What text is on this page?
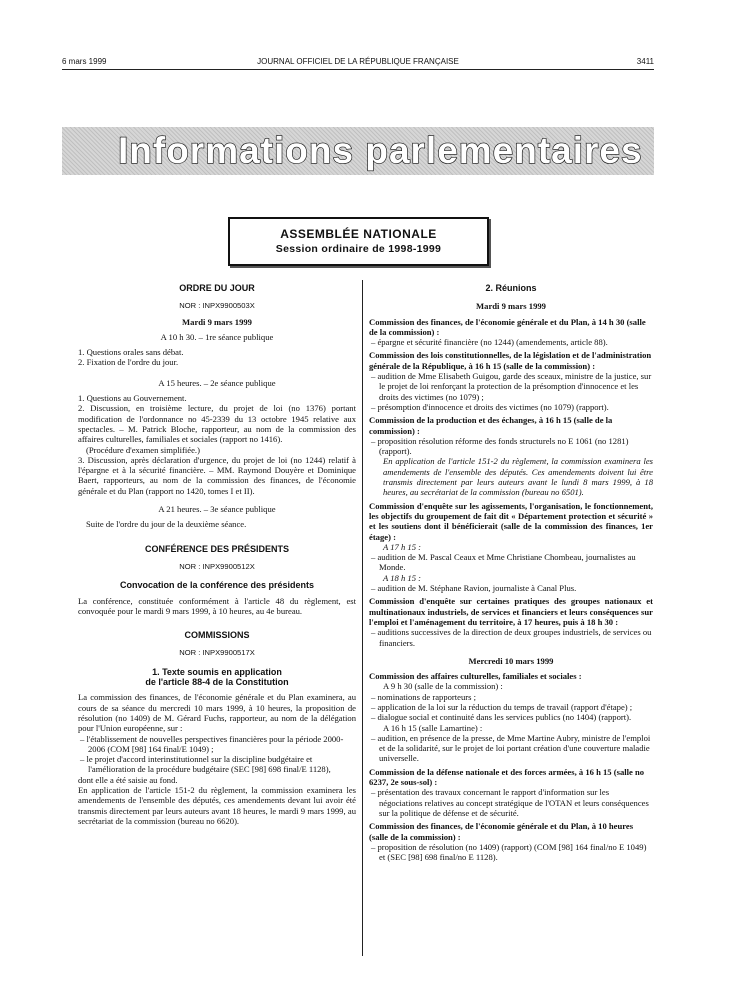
6 mars 1999	JOURNAL OFFICIEL DE LA RÉPUBLIQUE FRANÇAISE	3411
Informations parlementaires
ASSEMBLÉE NATIONALE
Session ordinaire de 1998-1999
ORDRE DU JOUR
NOR : INPX9900503X
Mardi 9 mars 1999
A 10 h 30. – 1re séance publique
1. Questions orales sans débat.
2. Fixation de l'ordre du jour.
A 15 heures. – 2e séance publique
1. Questions au Gouvernement.
2. Discussion, en troisième lecture, du projet de loi (no 1376) portant modification de l'ordonnance no 45-2339 du 13 octobre 1945 relative aux spectacles. – M. Patrick Bloche, rapporteur, au nom de la commission des affaires culturelles, familiales et sociales (rapport no 1416).
(Procédure d'examen simplifiée.)
3. Discussion, après déclaration d'urgence, du projet de loi (no 1244) relatif à l'épargne et à la sécurité financière. – MM. Raymond Douyère et Dominique Baert, rapporteurs, au nom de la commission des finances, de l'économie générale et du Plan (rapport no 1420, tomes I et II).
A 21 heures. – 3e séance publique
Suite de l'ordre du jour de la deuxième séance.
CONFÉRENCE DES PRÉSIDENTS
NOR : INPX9900512X
Convocation de la conférence des présidents
La conférence, constituée conformément à l'article 48 du règlement, est convoquée pour le mardi 9 mars 1999, à 10 heures, au 4e bureau.
COMMISSIONS
NOR : INPX9900517X
1. Texte soumis en application
de l'article 88-4 de la Constitution
La commission des finances, de l'économie générale et du Plan examinera, au cours de sa séance du mercredi 10 mars 1999, à 10 heures, la proposition de résolution (no 1409) de M. Gérard Fuchs, rapporteur, au nom de la délégation pour l'Union européenne, sur :
– l'établissement de nouvelles perspectives financières pour la période 2000-2006 (COM [98] 164 final/E 1049) ;
– le projet d'accord interinstitutionnel sur la discipline budgétaire et l'amélioration de la procédure budgétaire (SEC [98] 698 final/E 1128),
dont elle a été saisie au fond.
En application de l'article 151-2 du règlement, la commission examinera les amendements de l'ensemble des députés, ces amendements devant lui avoir été transmis directement par leurs auteurs avant 18 heures, le mardi 9 mars 1999, au secrétariat de la commission (bureau no 6620).
2. Réunions
Mardi 9 mars 1999
Commission des finances, de l'économie générale et du Plan, à 14 h 30 (salle de la commission) :
– épargne et sécurité financière (no 1244) (amendements, article 88).
Commission des lois constitutionnelles, de la législation et de l'administration générale de la République, à 16 h 15 (salle de la commission) :
– audition de Mme Elisabeth Guigou, garde des sceaux, ministre de la justice, sur le projet de loi renforçant la protection de la présomption d'innocence et les droits des victimes (no 1079) ;
– présomption d'innocence et droits des victimes (no 1079) (rapport).
Commission de la production et des échanges, à 16 h 15 (salle de la commission) :
– proposition résolution réforme des fonds structurels no E 1061 (no 1281) (rapport).
En application de l'article 151-2 du règlement, la commission examinera les amendements de l'ensemble des députés. Ces amendements doivent lui être transmis directement par leurs auteurs avant le lundi 8 mars 1999, à 18 heures, au secrétariat de la commission (bureau no 6501).
Commission d'enquête sur les agissements, l'organisation, le fonctionnement, les objectifs du groupement de fait dit « Département protection et sécurité » et les soutiens dont il bénéficierait (salle de la commission des finances, 1er étage) :
A 17 h 15 :
– audition de M. Pascal Ceaux et Mme Christiane Chombeau, journalistes au Monde.
A 18 h 15 :
– audition de M. Stéphane Ravion, journaliste à Canal Plus.
Commission d'enquête sur certaines pratiques des groupes nationaux et multinationaux industriels, de services et financiers et leurs conséquences sur l'emploi et l'aménagement du territoire, à 17 heures, puis à 18 h 30 :
– auditions successives de la direction de deux groupes industriels, de services ou financiers.
Mercredi 10 mars 1999
Commission des affaires culturelles, familiales et sociales :
A 9 h 30 (salle de la commission) :
– nominations de rapporteurs ;
– application de la loi sur la réduction du temps de travail (rapport d'étape) ;
– dialogue social et continuité dans les services publics (no 1404) (rapport).
A 16 h 15 (salle Lamartine) :
– audition, en présence de la presse, de Mme Martine Aubry, ministre de l'emploi et de la solidarité, sur le projet de loi portant création d'une couverture maladie universelle.
Commission de la défense nationale et des forces armées, à 16 h 15 (salle no 6237, 2e sous-sol) :
– présentation des travaux concernant le rapport d'information sur les négociations relatives au concept stratégique de l'OTAN et leurs conséquences sur la politique de défense et de sécurité.
Commission des finances, de l'économie générale et du Plan, à 10 heures (salle de la commission) :
– proposition de résolution (no 1409) (rapport) (COM [98] 164 final/no E 1049) et (SEC [98] 698 final/no E 1128).
